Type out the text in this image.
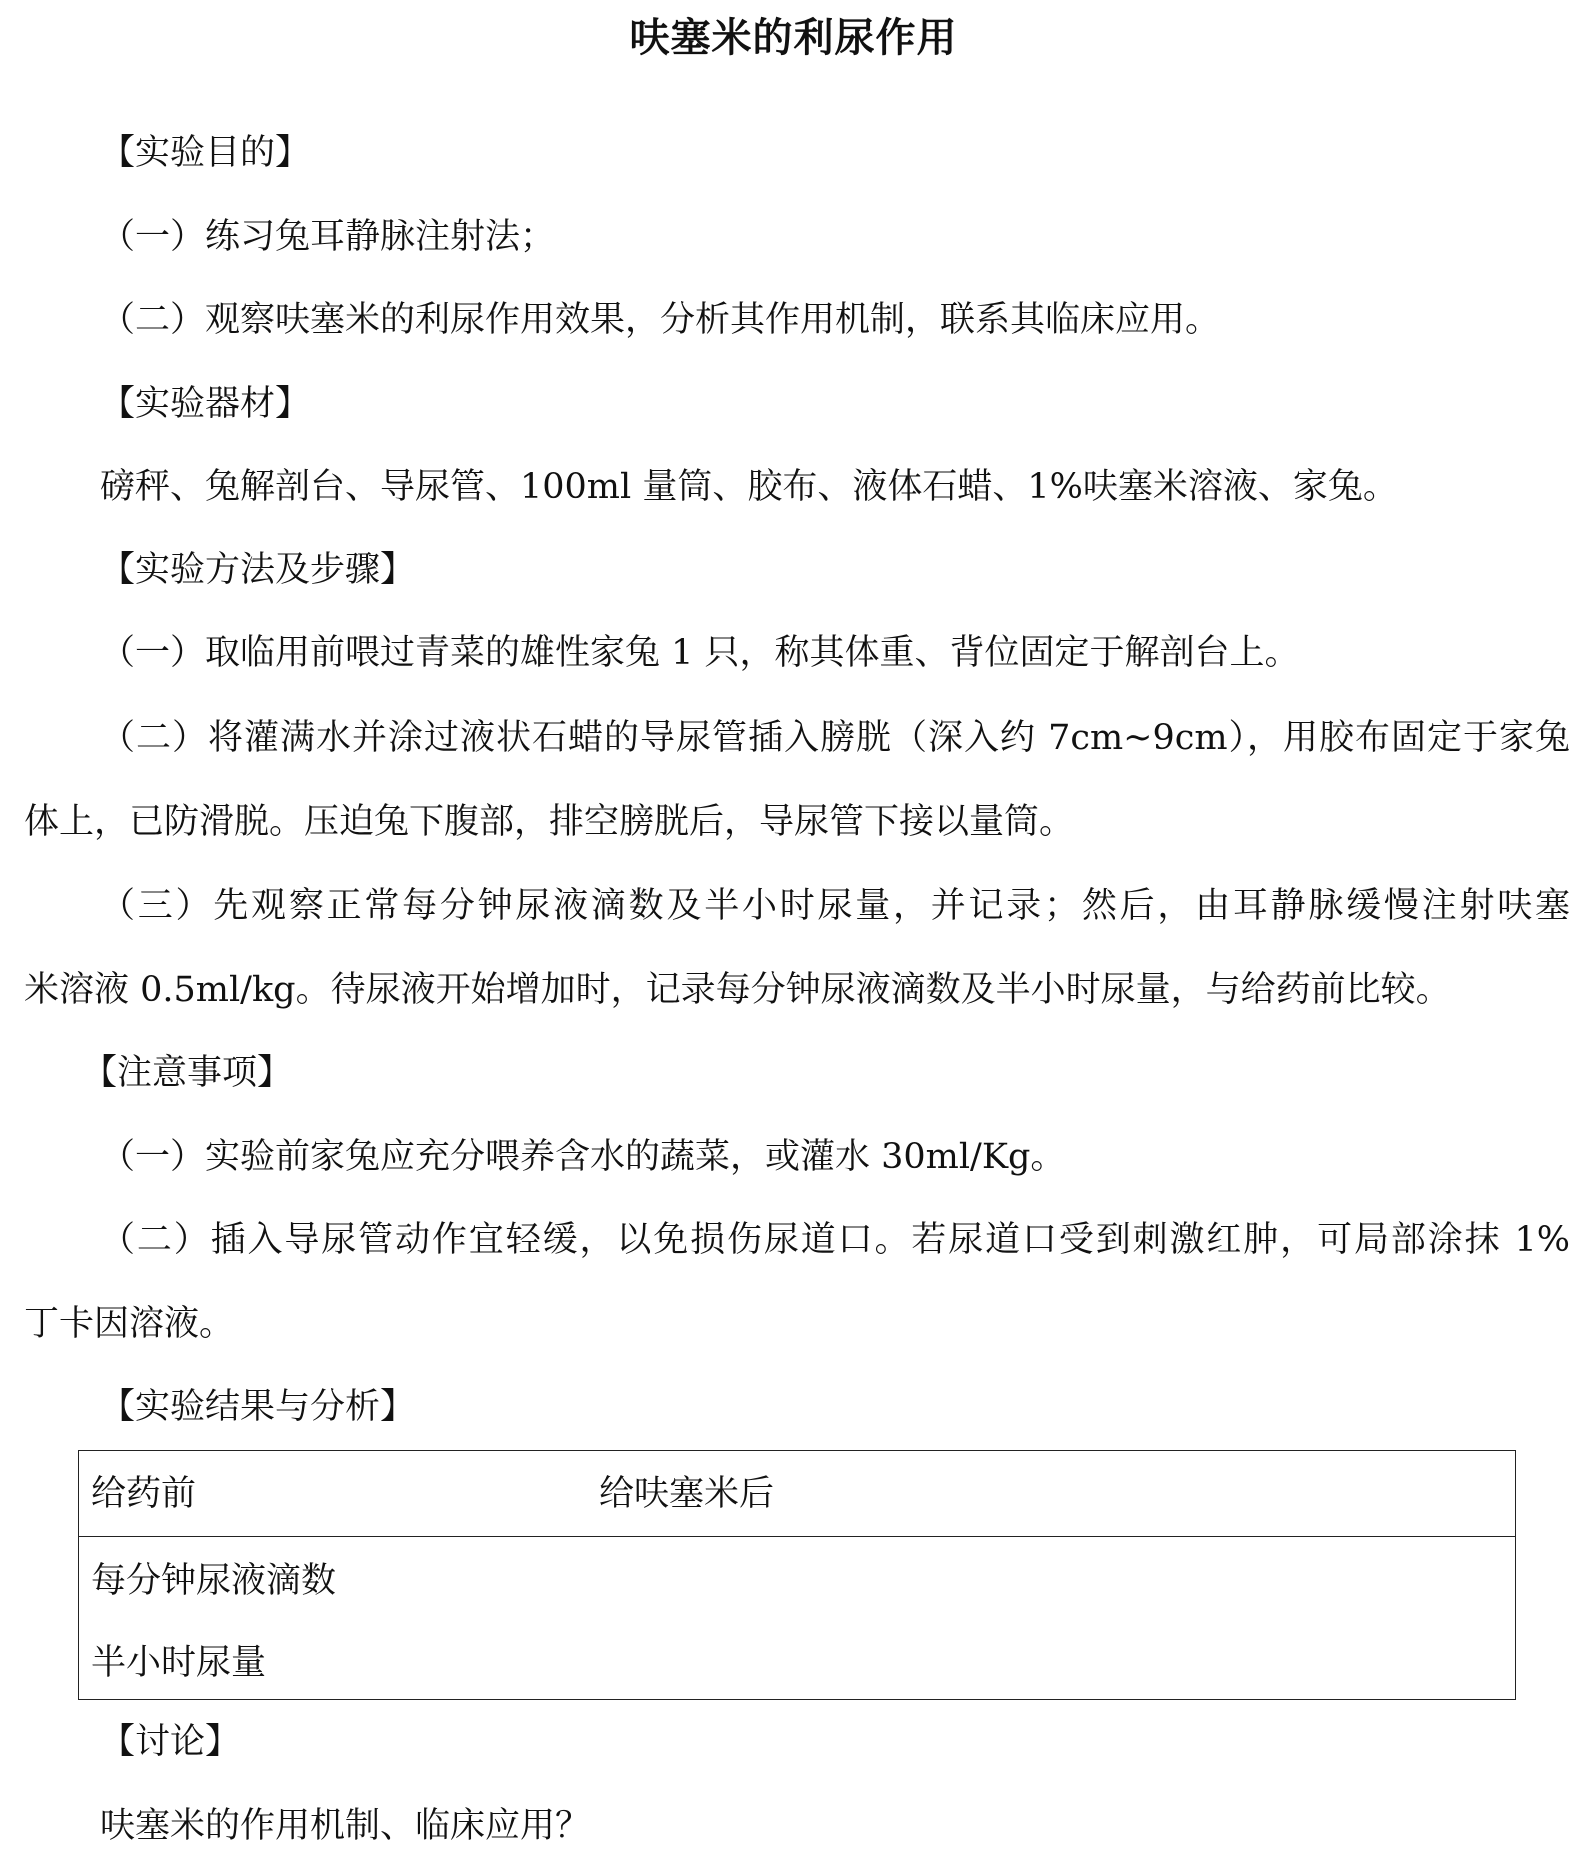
呋塞米的利尿作用

【实验目的】

（一）练习兔耳静脉注射法；

（二）观察呋塞米的利尿作用效果，分析其作用机制，联系其临床应用。

【实验器材】

磅秤、兔解剖台、导尿管、100ml 量筒、胶布、液体石蜡、1%呋塞米溶液、家兔。

【实验方法及步骤】

（一）取临用前喂过青菜的雄性家兔 1 只，称其体重、背位固定于解剖台上。

（二）将灌满水并涂过液状石蜡的导尿管插入膀胱（深入约 7cm~9cm），用胶布固定于家兔

体上，已防滑脱。压迫兔下腹部，排空膀胱后，导尿管下接以量筒。

（三）先观察正常每分钟尿液滴数及半小时尿量，并记录；然后，由耳静脉缓慢注射呋塞

米溶液 0.5ml/kg。待尿液开始增加时，记录每分钟尿液滴数及半小时尿量，与给药前比较。

【注意事项】

（一）实验前家兔应充分喂养含水的蔬菜，或灌水 30ml/Kg。

（二）插入导尿管动作宜轻缓，以免损伤尿道口。若尿道口受到刺激红肿，可局部涂抹 1%

丁卡因溶液。

【实验结果与分析】

给药前	给呋塞米后
每分钟尿液滴数
半小时尿量

【讨论】

呋塞米的作用机制、临床应用？
